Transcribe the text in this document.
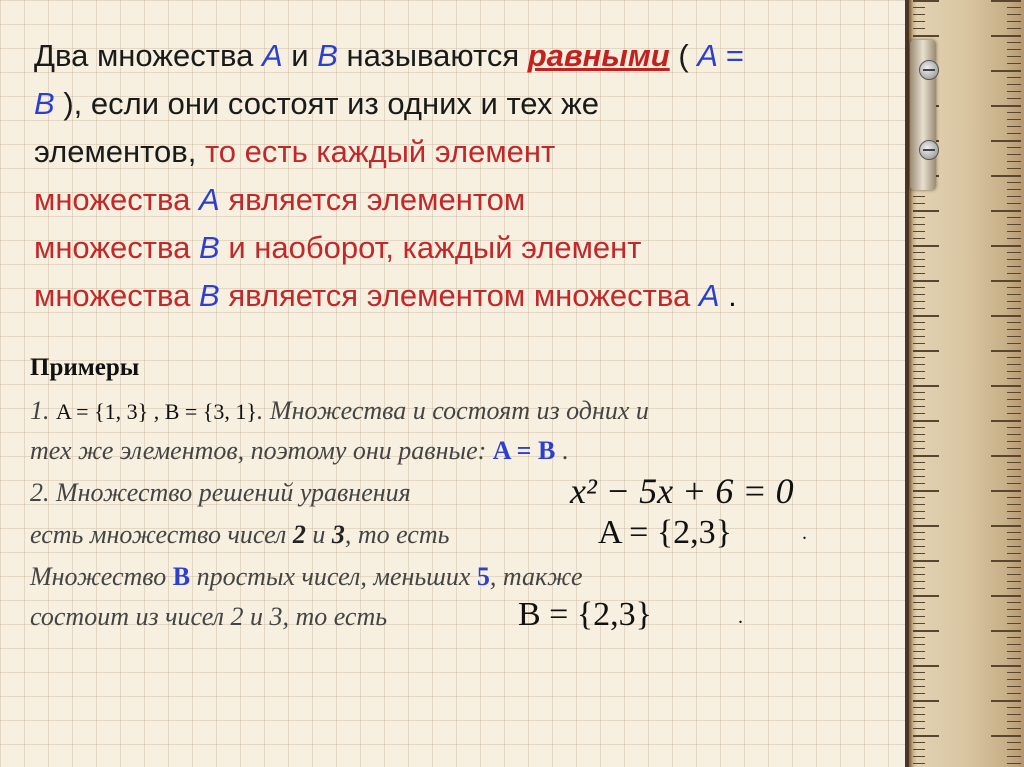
Два множества A и B называются равными ( A =

B ), если они состоят из одних и тех же

элементов, то есть каждый элемент

множества A является элементом

множества B и наоборот, каждый элемент

множества B является элементом множества A .

Примеры

1. A = {1, 3} , B = {3, 1}. Множества и состоят из одних и

тех же элементов, поэтому они равные: A = B .

2. Множество решений уравнения	x² − 5x + 6 = 0

есть множество чисел 2 и 3, то есть	A = {2,3}	.

Множество B простых чисел, меньших 5, также

состоит из чисел 2 и 3, то есть	B = {2,3}	.
